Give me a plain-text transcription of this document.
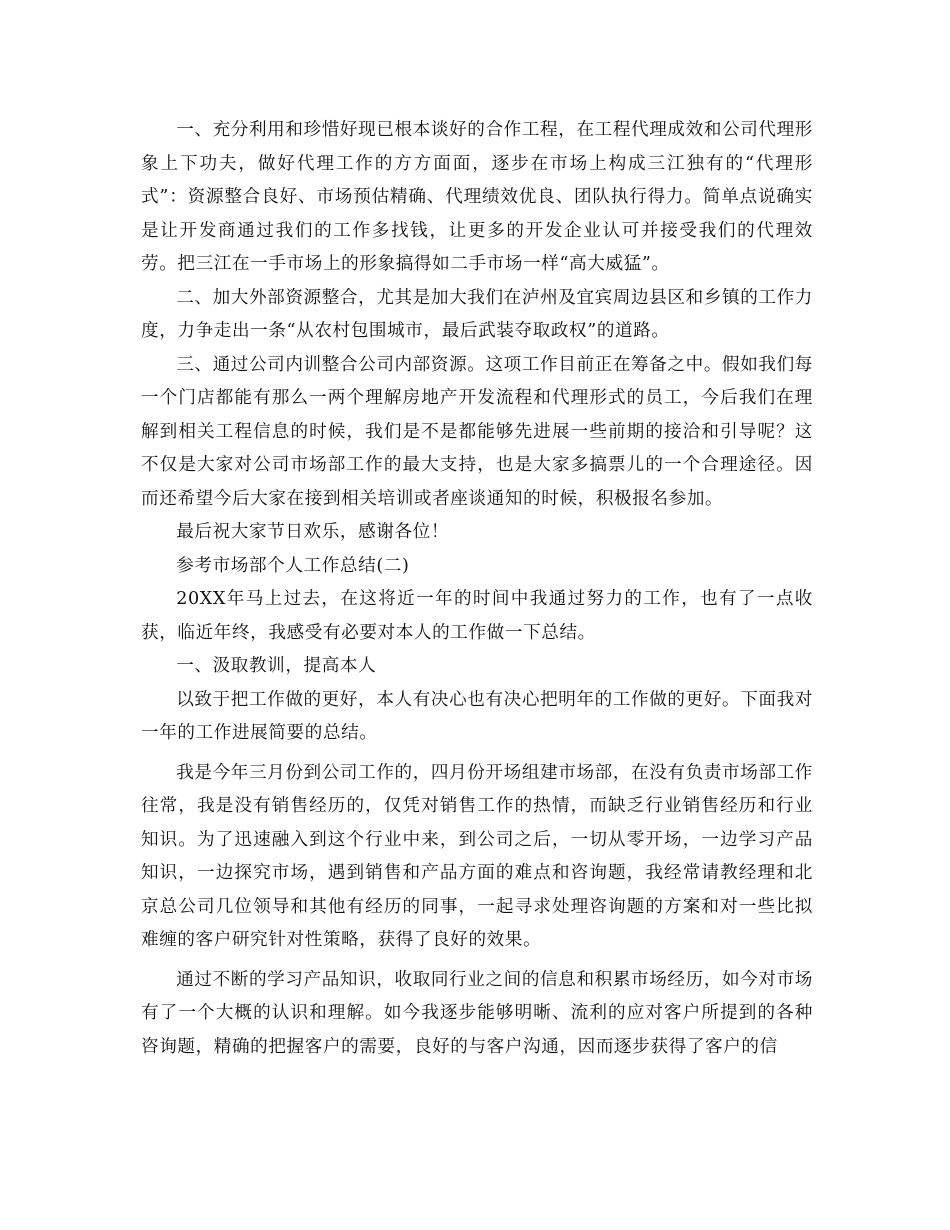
一、充分利用和珍惜好现已根本谈好的合作工程，在工程代理成效和公司代理形象上下功夫，做好代理工作的方方面面，逐步在市场上构成三江独有的“代理形式”：资源整合良好、市场预估精确、代理绩效优良、团队执行得力。简单点说确实是让开发商通过我们的工作多找钱，让更多的开发企业认可并接受我们的代理效劳。把三江在一手市场上的形象搞得如二手市场一样“高大威猛”。

二、加大外部资源整合，尤其是加大我们在泸州及宜宾周边县区和乡镇的工作力度，力争走出一条“从农村包围城市，最后武装夺取政权”的道路。

三、通过公司内训整合公司内部资源。这项工作目前正在筹备之中。假如我们每一个门店都能有那么一两个理解房地产开发流程和代理形式的员工，今后我们在理解到相关工程信息的时候，我们是不是都能够先进展一些前期的接洽和引导呢？这不仅是大家对公司市场部工作的最大支持，也是大家多搞票儿的一个合理途径。因而还希望今后大家在接到相关培训或者座谈通知的时候，积极报名参加。

最后祝大家节日欢乐，感谢各位！

参考市场部个人工作总结(二)

20XX年马上过去，在这将近一年的时间中我通过努力的工作，也有了一点收获，临近年终，我感受有必要对本人的工作做一下总结。

一、汲取教训，提高本人

以致于把工作做的更好，本人有决心也有决心把明年的工作做的更好。下面我对一年的工作进展简要的总结。

我是今年三月份到公司工作的，四月份开场组建市场部，在没有负责市场部工作往常，我是没有销售经历的，仅凭对销售工作的热情，而缺乏行业销售经历和行业知识。为了迅速融入到这个行业中来，到公司之后，一切从零开场，一边学习产品知识，一边探究市场，遇到销售和产品方面的难点和咨询题，我经常请教经理和北京总公司几位领导和其他有经历的同事，一起寻求处理咨询题的方案和对一些比拟难缠的客户研究针对性策略，获得了良好的效果。

通过不断的学习产品知识，收取同行业之间的信息和积累市场经历，如今对市场有了一个大概的认识和理解。如今我逐步能够明晰、流利的应对客户所提到的各种咨询题，精确的把握客户的需要，良好的与客户沟通，因而逐步获得了客户的信
